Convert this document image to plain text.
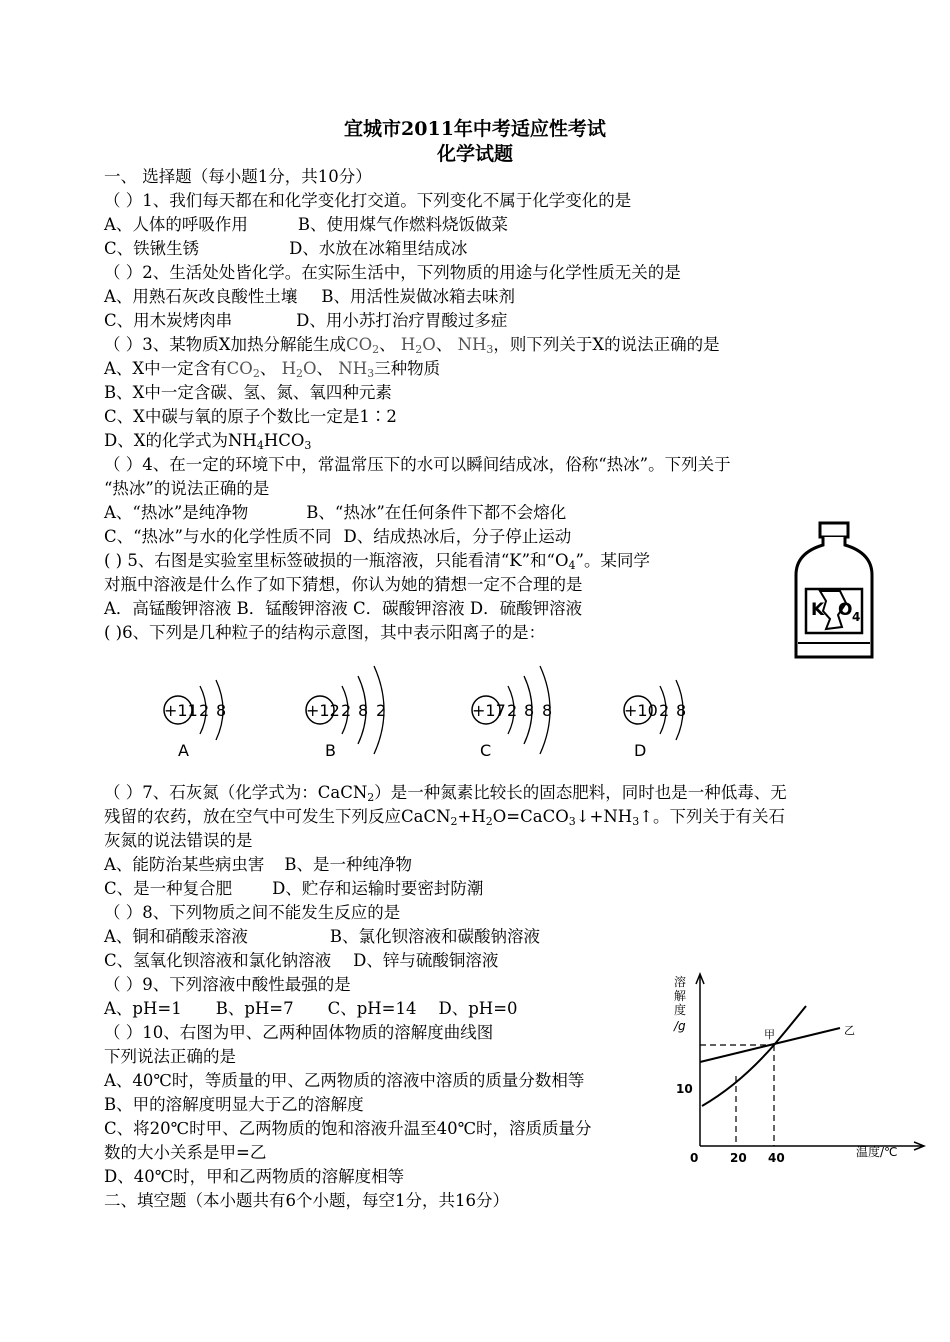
宜城市2011年中考适应性考试
化学试题
一、 选择题（每小题1分，共10分）
（ ）1、我们每天都在和化学变化打交道。下列变化不属于化学变化的是
A、人体的呼吸作用	B、使用煤气作燃料烧饭做菜
C、铁锹生锈	D、水放在冰箱里结成冰
（ ）2、生活处处皆化学。在实际生活中，下列物质的用途与化学性质无关的是
A、用熟石灰改良酸性土壤 B、用活性炭做冰箱去味剂
C、用木炭烤肉串	D、用小苏打治疗胃酸过多症
（ ）3、某物质X加热分解能生成$CO_2$、 $H_2O$、 $NH_3$，则下列关于X的说法正确的是
A、X中一定含有$CO_2$、 $H_2O$、 $NH_3$三种物质
B、X中一定含碳、氢、氮、氧四种元素
C、X中碳与氧的原子个数比一定是1∶2
D、X的化学式为$NH_4HCO_3$
（ ）4、在一定的环境下中，常温常压下的水可以瞬间结成冰，俗称“热冰”。下列关于
“热冰”的说法正确的是
A、“热冰”是纯净物	B、“热冰”在任何条件下都不会熔化
C、“热冰”与水的化学性质不同 D、结成热冰后，分子停止运动
( ) 5、右图是实验室里标签破损的一瓶溶液，只能看清“K”和“$O_4$”。某同学
对瓶中溶液是什么作了如下猜想，你认为她的猜想一定不合理的是
A．高锰酸钾溶液 B．锰酸钾溶液 C．碳酸钾溶液 D．硫酸钾溶液	K O 4
( )6、下列是几种粒子的结构示意图，其中表示阳离子的是：
+11 2 8
A
+12 2 8 2
B
+17 2 8 8
C
+10 2 8
D
（ ）7、石灰氮（化学式为：CaCN$_2$）是一种氮素比较长的固态肥料，同时也是一种低毒、无
残留的农药，放在空气中可发生下列反应$CaCN_2+H_2O=CaCO_3↓+NH_3↑$。下列关于有关石
灰氮的说法错误的是
A、能防治某些病虫害 B、是一种纯净物
C、是一种复合肥 D、贮存和运输时要密封防潮
（ ）8、下列物质之间不能发生反应的是
A、铜和硝酸汞溶液	B、氯化钡溶液和碳酸钠溶液
C、氢氧化钡溶液和氯化钠溶液 D、锌与硫酸铜溶液
（ ）9、下列溶液中酸性最强的是
A、pH=1 B、pH=7 C、pH=14 D、pH=0
（ ）10、右图为甲、乙两种固体物质的溶解度曲线图
下列说法正确的是
A、40℃时，等质量的甲、乙两物质的溶液中溶质的质量分数相等
B、甲的溶解度明显大于乙的溶解度
C、将20℃时甲、乙两物质的饱和溶液升温至40℃时，溶质质量分
数的大小关系是甲=乙
D、40℃时，甲和乙两物质的溶解度相等
溶
解
度
/g
10
0	20 40	温度/℃
甲	乙
二、填空题（本小题共有6个小题，每空1分，共16分）
